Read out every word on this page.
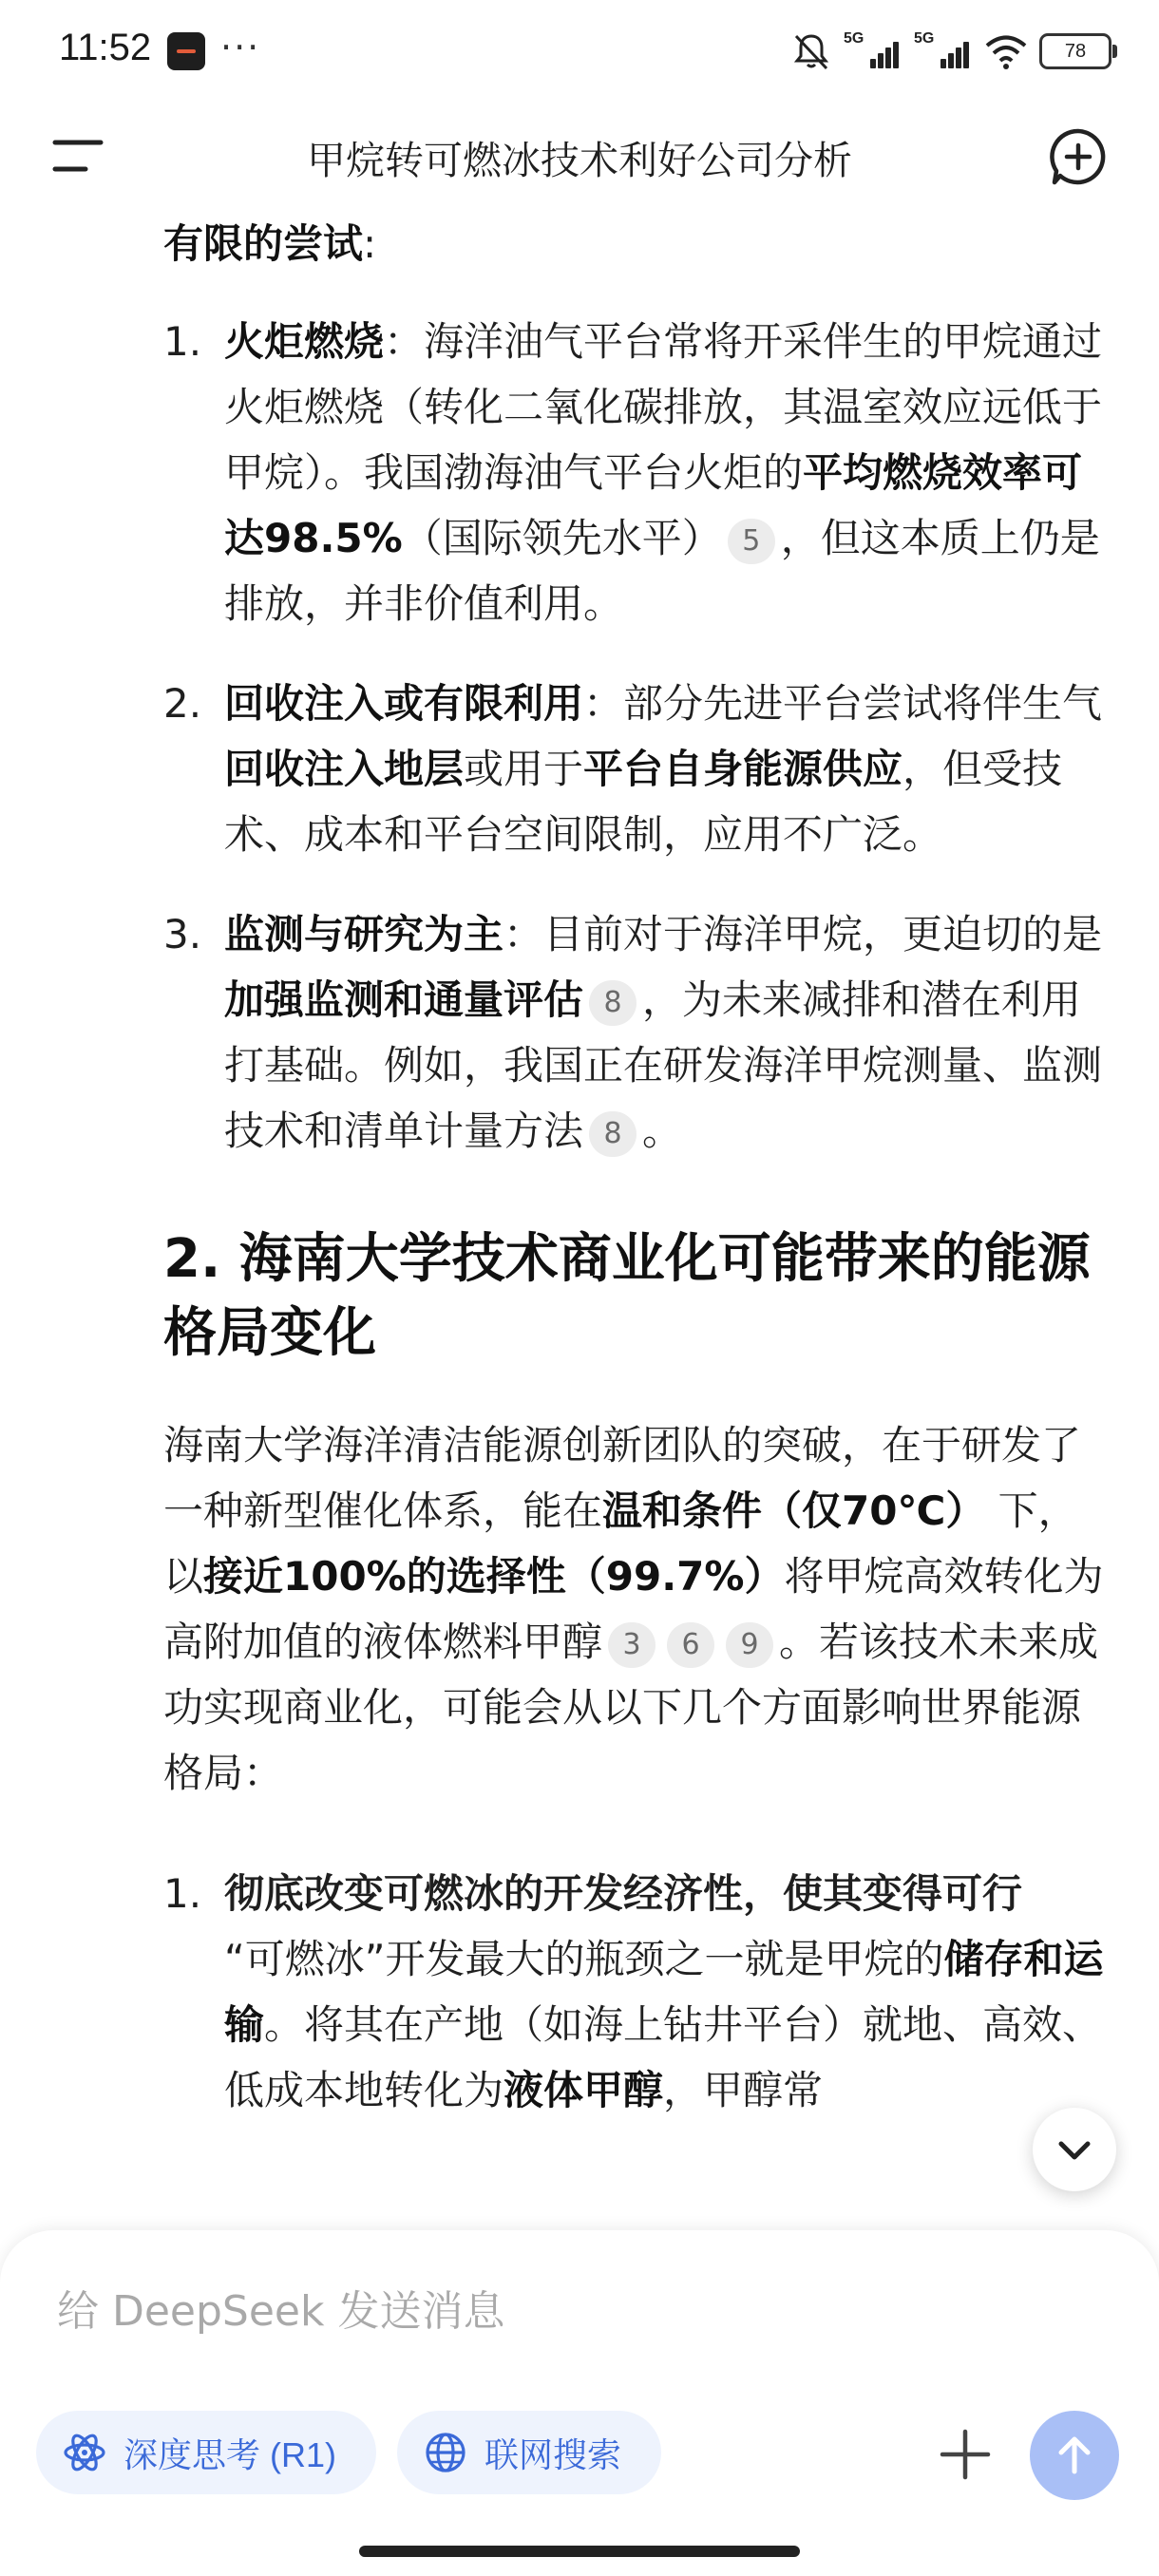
11:52 ···	5G	5G
78
甲烷转可燃冰技术利好公司分析

有限的尝试:

1. 火炬燃烧：海洋油气平台常将开采伴生的甲烷通过火炬燃烧（转化二氧化碳排放，其温室效应远低于甲烷）。我国渤海油气平台火炬的平均燃烧效率可达98.5%（国际领先水平） 5 ，但这本质上仍是排放，并非价值利用。
2. 回收注入或有限利用：部分先进平台尝试将伴生气回收注入地层或用于平台自身能源供应，但受技术、成本和平台空间限制，应用不广泛。
3. 监测与研究为主：目前对于海洋甲烷，更迫切的是加强监测和通量评估 8 ，为未来减排和潜在利用打基础。例如，我国正在研发海洋甲烷测量、监测技术和清单计量方法 8 。
2. 海南大学技术商业化可能带来的能源格局变化

海南大学海洋清洁能源创新团队的突破，在于研发了一种新型催化体系，能在温和条件（仅70℃） 下，以接近100%的选择性（99.7%）将甲烷高效转化为高附加值的液体燃料甲醇 3 6 9 。若该技术未来成功实现商业化，可能会从以下几个方面影响世界能源格局：

1. 彻底改变可燃冰的开发经济性，使其变得可行
“可燃冰”开发最大的瓶颈之一就是甲烷的储存和运输。将其在产地（如海上钻井平台）就地、高效、低成本地转化为液体甲醇，甲醇常
给 DeepSeek 发送消息
深度思考 (R1)	联网搜索
